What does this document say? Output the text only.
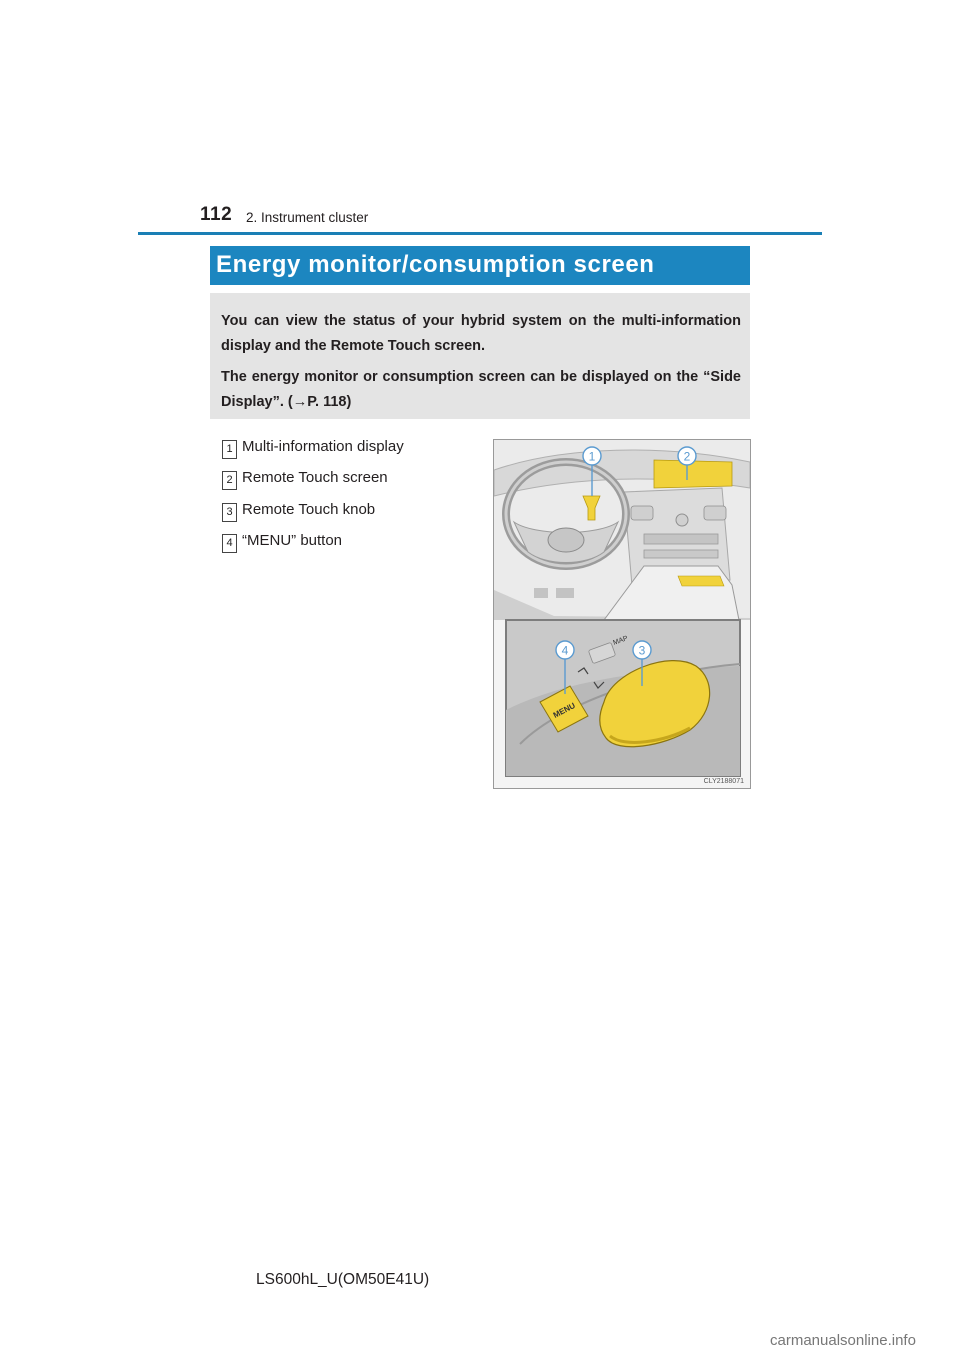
112 2. Instrument cluster
Energy monitor/consumption screen
You can view the status of your hybrid system on the multi-information display and the Remote Touch screen.
The energy monitor or consumption screen can be displayed on the “Side Display”. (→P. 118)
1 Multi-information display
2 Remote Touch screen
3 Remote Touch knob
4 “MENU” button
1	2
MAP
MENU
4	3
CLY2188071
LS600hL_U(OM50E41U)
carmanualsonline.info
